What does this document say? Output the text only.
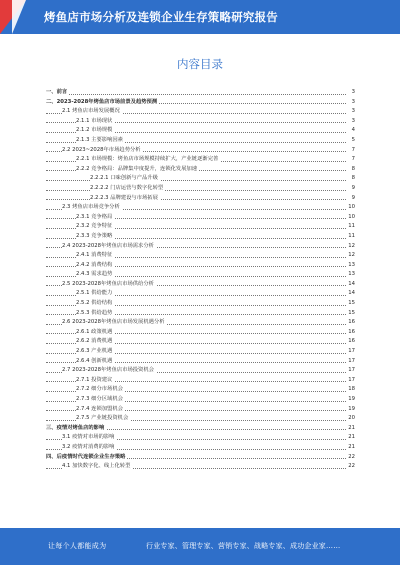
烤鱼店市场分析及连锁企业生存策略研究报告
内容目录
一、前言	3
二、2023-2028年烤鱼店市场前景及趋势预测	3
2.1 烤鱼店市场发展概况	3
2.1.1 市场现状	3
2.1.2 市场规模	4
2.1.3 主要影响因素	5
2.2 2023~2028年市场趋势分析	7
2.2.1 市场规模：烤鱼店市场规模持续扩大，产业链逐渐完善	7
2.2.2 竞争格局：品牌集中度提升，连锁化发展加速	8
2.2.2.1 口味创新与产品升级	8
2.2.2.2 门店运营与数字化转型	9
2.2.2.3 品牌建设与市场拓展	9
2.3 烤鱼店市场竞争分析	10
2.3.1 竞争格局	10
2.3.2 竞争特征	11
2.3.3 竞争策略	11
2.4 2023-2028年烤鱼店市场需求分析	12
2.4.1 消费特征	12
2.4.2 消费结构	13
2.4.3 需求趋势	13
2.5 2023-2028年烤鱼店市场供给分析	14
2.5.1 供给能力	14
2.5.2 供给结构	15
2.5.3 供给趋势	15
2.6 2023-2028年烤鱼店市场发展机遇分析	16
2.6.1 政策机遇	16
2.6.2 消费机遇	16
2.6.3 产业机遇	17
2.6.4 创新机遇	17
2.7 2023-2028年烤鱼店市场投资机会	17
2.7.1 投资建议	17
2.7.2 细分市场机会	18
2.7.3 细分区域机会	19
2.7.4 连锁加盟机会	19
2.7.5 产业链投资机会	20
三、疫情对烤鱼店的影响	21
3.1 疫情对市场的影响	21
3.2 疫情对消费的影响	21
四、后疫情时代连锁企业生存策略	22
4.1 加快数字化、线上化转型	22
让每个人都能成为	行业专家、管理专家、营销专家、战略专家、成功企业家……
